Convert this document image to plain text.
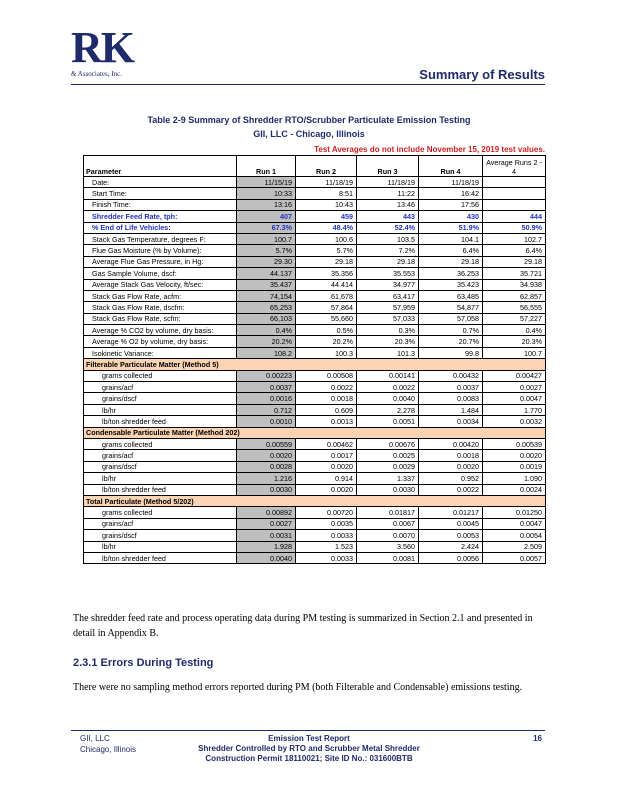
RK
& Associates, Inc.	Summary of Results
Table 2-9 Summary of Shredder RTO/Scrubber Particulate Emission Testing
GII, LLC - Chicago, Illinois
Test Averages do not include November 15, 2019 test values.
Parameter	Run 1	Run 2	Run 3	Run 4	Average Runs 2 - 4
Date:	11/15/19	11/18/19	11/18/19	11/18/19	
Start Time:	10:33	8:51	11:22	16:42	
Finish Time:	13:16	10:43	13:46	17:56	
Shredder Feed Rate, tph:	407	459	443	430	444
% End of Life Vehicles:	67.3%	48.4%	52.4%	51.9%	50.9%
Stack Gas Temperature, degrees F:	100.7	100.6	103.5	104.1	102.7
Flue Gas Moisture (% by Volume):	5.7%	5.7%	7.2%	6.4%	6.4%
Average Flue Gas Pressure, in Hg:	29.30	29.18	29.18	29.18	29.18
Gas Sample Volume, dscf:	44.137	35.356	35.553	36.253	35.721
Average Stack Gas Velocity, ft/sec:	35.437	44.414	34.977	35.423	34.938
Stack Gas Flow Rate, acfm:	74,154	61,678	63,417	63,485	62,857
Stack Gas Flow Rate, dscfm:	65,253	57,864	57,959	54,877	56,555
Stack Gas Flow Rate, scfm:	66,103	55,660	57,033	57,058	57,227
Average % CO2 by volume, dry basis:	0.4%	0.5%	0.3%	0.7%	0.4%
Average % O2 by volume, dry basis:	20.2%	20.2%	20.3%	20.7%	20.3%
Isokinetic Variance:	108.2	100.3	101.3	99.8	100.7
Filterable Particulate Matter (Method 5)					
grams collected	0.00223	0.00508	0.00141	0.00432	0.00427
grains/acf	0.0037	0.0022	0.0022	0.0037	0.0027
grains/dscf	0.0016	0.0018	0.0040	0.0083	0.0047
lb/hr	0.712	0.609	2.278	1.484	1.770
lb/ton shredder feed	0.0010	0.0013	0.0051	0.0034	0.0032
Condensable Particulate Matter (Method 202)					
grams collected	0.00559	0.00462	0.00676	0.00420	0.00539
grains/acf	0.0020	0.0017	0.0025	0.0018	0.0020
grains/dscf	0.0028	0.0020	0.0029	0.0020	0.0019
lb/hr	1.216	0.914	1.337	0.952	1.090
lb/ton shredder feed	0.0030	0.0020	0.0030	0.0022	0.0024
Total Particulate (Method 5/202)					
grams collected	0.00892	0.00720	0.01817	0.01217	0.01250
grains/acf	0.0027	0.0035	0.0067	0.0045	0.0047
grains/dscf	0.0031	0.0033	0.0070	0.0053	0.0054
lb/hr	1.928	1.523	3.560	2.424	2.509
lb/ton shredder feed	0.0040	0.0033	0.0081	0.0056	0.0057
The shredder feed rate and process operating data during PM testing is summarized in Section 2.1 and presented in detail in Appendix B.
2.3.1 Errors During Testing
There were no sampling method errors reported during PM (both Filterable and Condensable) emissions testing.
GII, LLC
Chicago, Illinois
Emission Test Report
Shredder Controlled by RTO and Scrubber Metal Shredder
Construction Permit 18110021; Site ID No.: 031600BTB
16
